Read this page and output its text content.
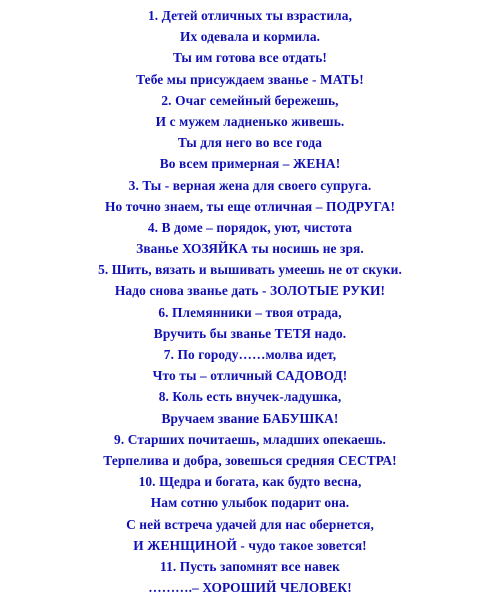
1. Детей отличных ты взрастила,
Их одевала и кормила.
Ты им готова все отдать!
Тебе мы присуждаем званье - МАТЬ!
2. Очаг семейный бережешь,
И с мужем ладненько живешь.
Ты для него во все года
Во всем примерная – ЖЕНА!
3. Ты - верная жена для своего супруга.
Но точно знаем, ты еще отличная – ПОДРУГА!
4. В доме – порядок, уют, чистота
Званье ХОЗЯЙКА ты носишь не зря.
5. Шить, вязать и вышивать умеешь не от скуки.
Надо снова званье дать - ЗОЛОТЫЕ РУКИ!
6. Племянники – твоя отрада,
Вручить бы званье ТЕТЯ надо.
7. По городу……молва идет,
Что ты – отличный САДОВОД!
8. Коль есть внучек-ладушка,
Вручаем звание БАБУШКА!
9. Старших почитаешь, младших опекаешь.
Терпелива и добра, зовешься средняя СЕСТРА!
10. Щедра и богата, как будто весна,
Нам сотню улыбок подарит она.
С ней встреча удачей для нас обернется,
И ЖЕНЩИНОЙ - чудо такое зовется!
11. Пусть запомнят все навек
……….– ХОРОШИЙ ЧЕЛОВЕК!
